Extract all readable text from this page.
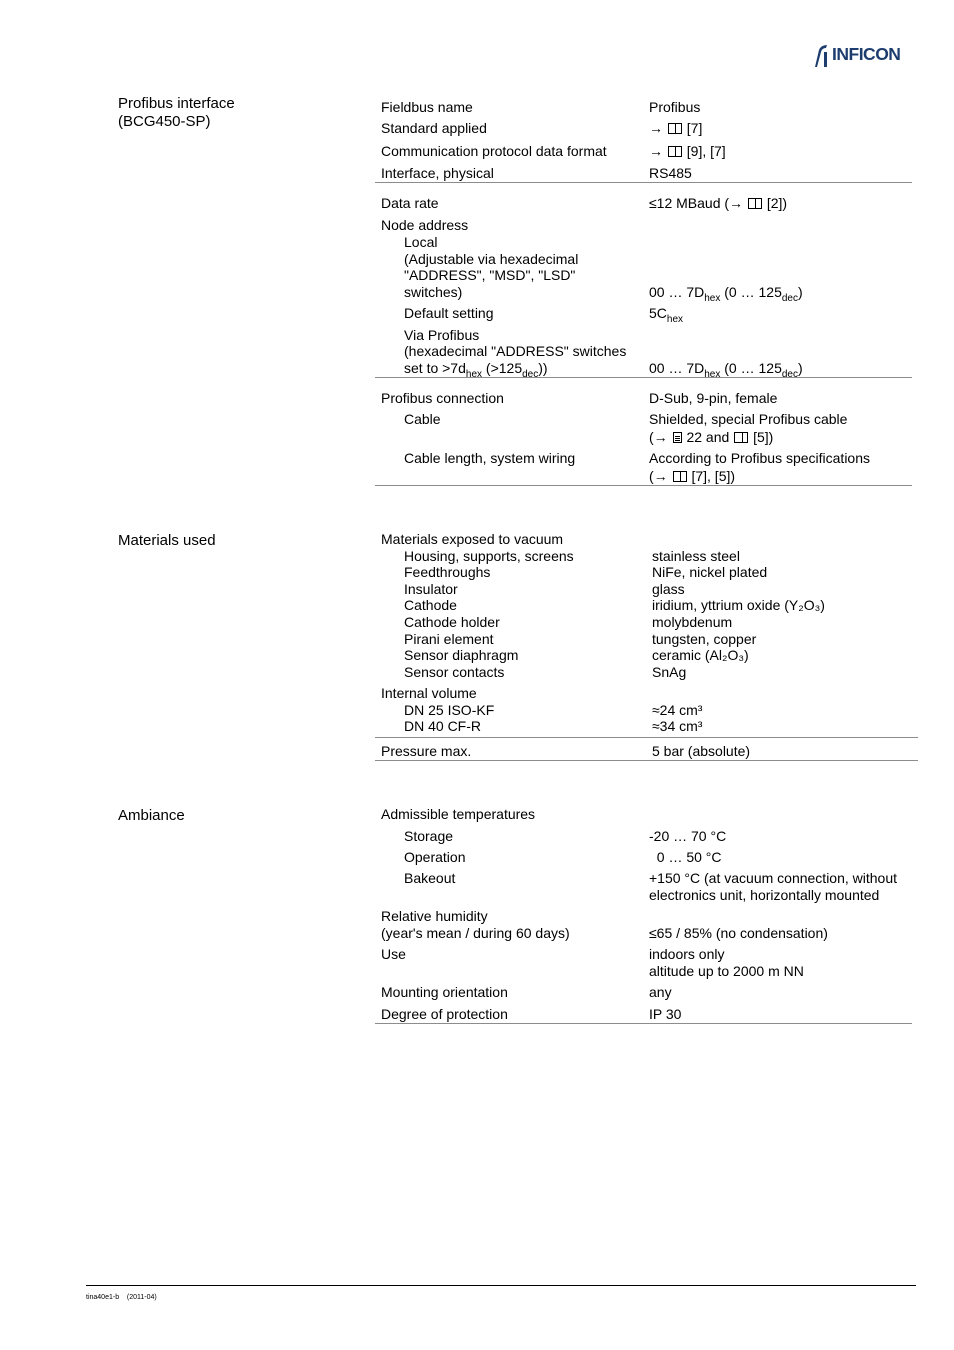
INFICON
Profibus interface
(BCG450-SP)
Materials used
Ambiance
Fieldbus name	Profibus
Standard applied	→ [7]
Communication protocol data format	→ [9], [7]
Interface, physical	RS485
Data rate	≤12 MBaud (→ [2])
Node address
Local
(Adjustable via hexadecimal
"ADDRESS", "MSD", "LSD"
switches)	00 … $7D_{hex}$ (0 … $125_{dec}$)
Default setting	$5C_{hex}$
Via Profibus
(hexadecimal "ADDRESS" switches
set to $>7d_{hex}$ $(>125_{dec})$)	00 … $7D_{hex}$ (0 … $125_{dec}$)
Profibus connection	D-Sub, 9-pin, female
Cable	Shielded, special Profibus cable
(→ 22 and [5])
Cable length, system wiring	According to Profibus specifications
(→ [7], [5])
Materials exposed to vacuum
Housing, supports, screens	stainless steel
Feedthroughs	NiFe, nickel plated
Insulator	glass
Cathode	iridium, yttrium oxide (Y₂O₃)
Cathode holder	molybdenum
Pirani element	tungsten, copper
Sensor diaphragm	ceramic (Al₂O₃)
Sensor contacts	SnAg
Internal volume
DN 25 ISO-KF	≈24 cm³
DN 40 CF-R	≈34 cm³
Pressure max.	5 bar (absolute)
Admissible temperatures
Storage	-20 … 70 °C
Operation	0 … 50 °C
Bakeout	+150 °C (at vacuum connection, without
electronics unit, horizontally mounted
Relative humidity
(year's mean / during 60 days)	≤65 / 85% (no condensation)
Use	indoors only
altitude up to 2000 m NN
Mounting orientation	any
Degree of protection	IP 30
tina40e1-b (2011-04)
